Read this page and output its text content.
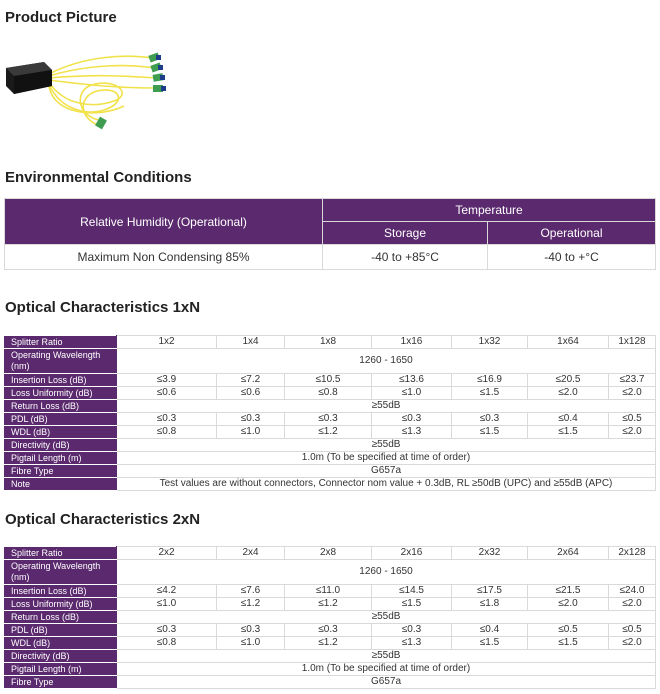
Product Picture
Environmental Conditions
Relative Humidity (Operational)	Temperature	
	Storage	Operational
Maximum Non Condensing 85%	-40 to +85°C	-40 to +°C
Optical Characteristics 1xN
Splitter Ratio	1x2	1x4	1x8	1x16	1x32	1x64	1x128
Operating Wavelength (nm)	1260 - 1650						
Insertion Loss (dB)	≤3.9	≤7.2	≤10.5	≤13.6	≤16.9	≤20.5	≤23.7
Loss Uniformity (dB)	≤0.6	≤0.6	≤0.8	≤1.0	≤1.5	≤2.0	≤2.0
Return Loss (dB)	≥55dB						
PDL (dB)	≤0.3	≤0.3	≤0.3	≤0.3	≤0.3	≤0.4	≤0.5
WDL (dB)	≤0.8	≤1.0	≤1.2	≤1.3	≤1.5	≤1.5	≤2.0
Directivity (dB)	≥55dB						
Pigtail Length (m)	1.0m (To be specified at time of order)						
Fibre Type	G657a						
Note	Test values are without connectors, Connector nom value + 0.3dB, RL ≥50dB (UPC) and ≥55dB (APC)						
Optical Characteristics 2xN
Splitter Ratio	2x2	2x4	2x8	2x16	2x32	2x64	2x128
Operating Wavelength (nm)	1260 - 1650						
Insertion Loss (dB)	≤4.2	≤7.6	≤11.0	≤14.5	≤17.5	≤21.5	≤24.0
Loss Uniformity (dB)	≤1.0	≤1.2	≤1.2	≤1.5	≤1.8	≤2.0	≤2.0
Return Loss (dB)	≥55dB						
PDL (dB)	≤0.3	≤0.3	≤0.3	≤0.3	≤0.4	≤0.5	≤0.5
WDL (dB)	≤0.8	≤1.0	≤1.2	≤1.3	≤1.5	≤1.5	≤2.0
Directivity (dB)	≥55dB						
Pigtail Length (m)	1.0m (To be specified at time of order)						
Fibre Type	G657a						
